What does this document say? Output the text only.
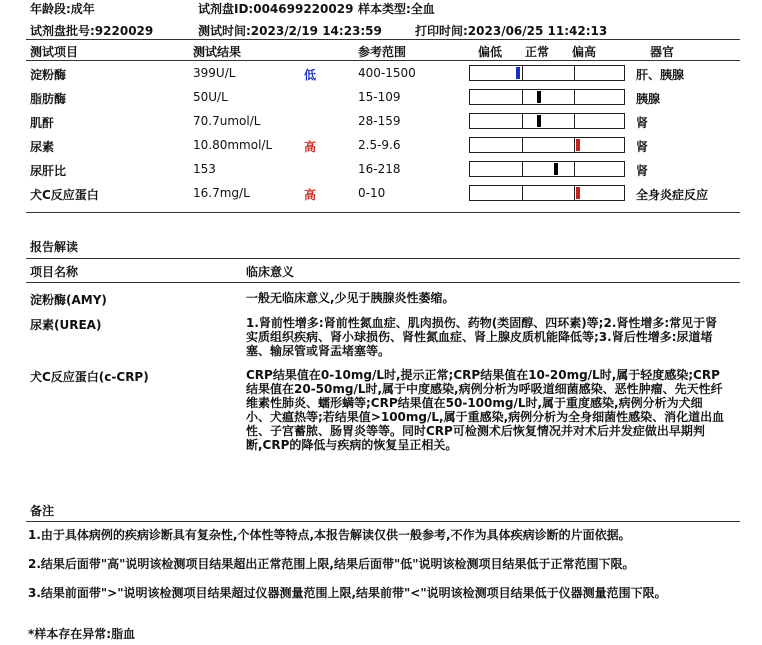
年龄段:成年	试剂盘ID:004699220029 样本类型:全血
试剂盘批号:9220029	测试时间:2023/2/19 14:23:59	打印时间:2023/06/25 11:42:13
测试项目	测试结果	参考范围	偏低 正常 偏高	器官
淀粉酶	399U/L	低	400-1500	肝、胰腺
脂肪酶	50U/L	15-109	胰腺
肌酐	70.7umol/L	28-159	肾
尿素	10.80mmol/L	高	2.5-9.6	肾
尿肝比	153	16-218	肾
犬C反应蛋白	16.7mg/L	高	0-10	全身炎症反应
报告解读
项目名称	临床意义
淀粉酶(AMY)	一般无临床意义,少见于胰腺炎性萎缩。
尿素(UREA)	1.肾前性增多:肾前性氮血症、肌肉损伤、药物(类固醇、四环素)等;2.肾性增多:常见于肾实质组织疾病、肾小球损伤、肾性氮血症、肾上腺皮质机能降低等;3.肾后性增多:尿道堵塞、输尿管或肾盂堵塞等。
犬C反应蛋白(c-CRP)	CRP结果值在0-10mg/L时,提示正常;CRP结果值在10-20mg/L时,属于轻度感染;CRP结果值在20-50mg/L时,属于中度感染,病例分析为呼吸道细菌感染、恶性肿瘤、先天性纤维素性肺炎、蠕形螨等;CRP结果值在50-100mg/L时,属于重度感染,病例分析为犬细小、犬瘟热等;若结果值>100mg/L,属于重感染,病例分析为全身细菌性感染、消化道出血性、子宫蓄脓、肠胃炎等等。同时CRP可检测术后恢复情况并对术后并发症做出早期判断,CRP的降低与疾病的恢复呈正相关。
备注
1.由于具体病例的疾病诊断具有复杂性,个体性等特点,本报告解读仅供一般参考,不作为具体疾病诊断的片面依据。
2.结果后面带"高"说明该检测项目结果超出正常范围上限,结果后面带"低"说明该检测项目结果低于正常范围下限。
3.结果前面带">"说明该检测项目结果超过仪器测量范围上限,结果前带"<"说明该检测项目结果低于仪器测量范围下限。
*样本存在异常:脂血
